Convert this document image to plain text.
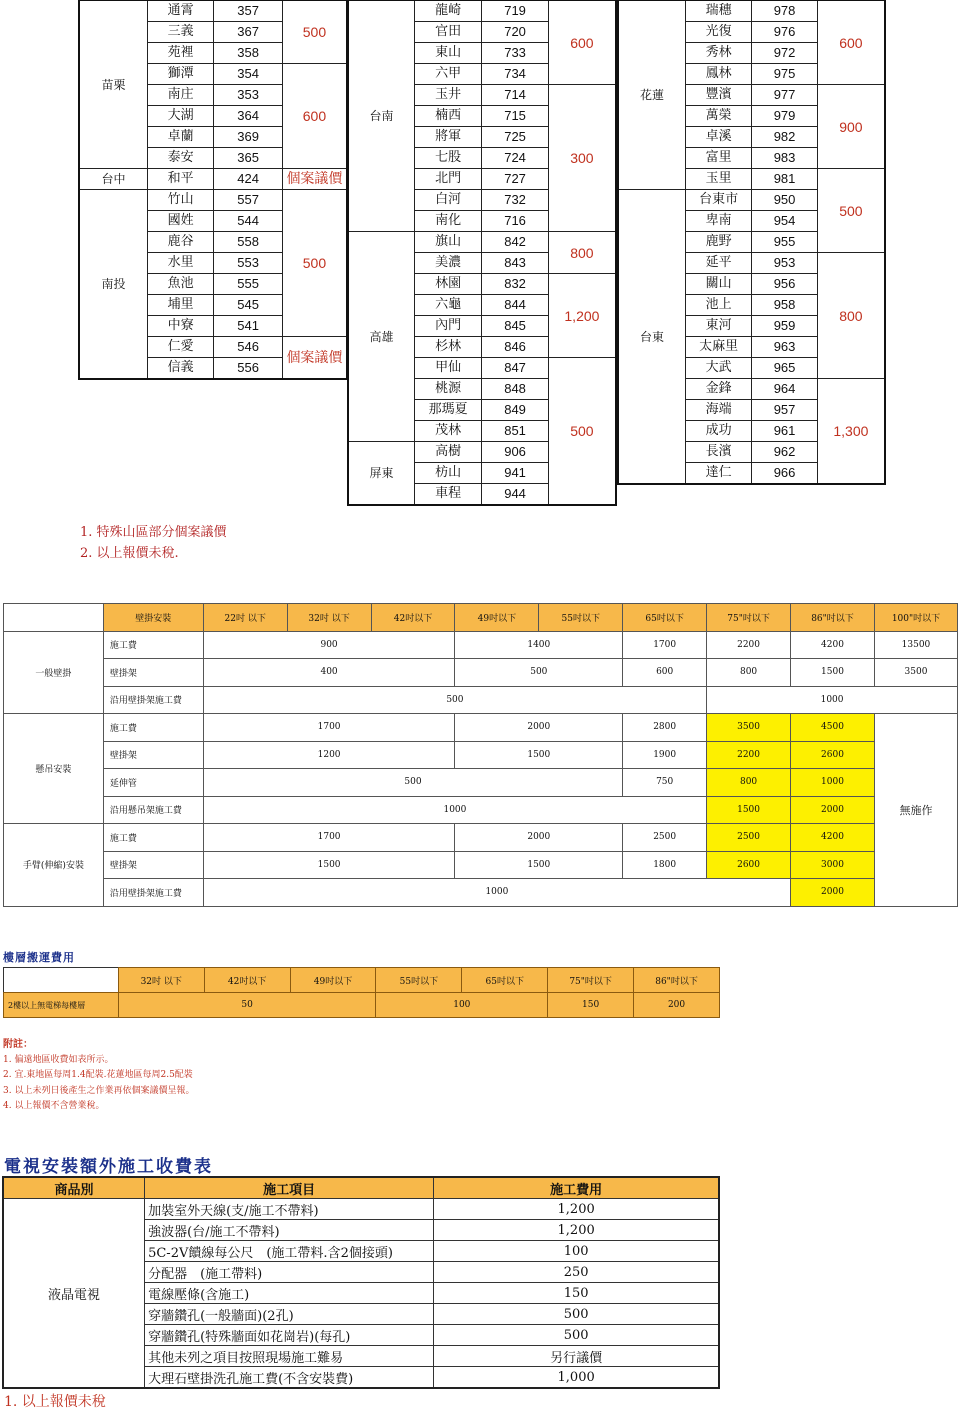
苗栗	通霄	357	500
	三義	367	
	苑裡	358	
	獅潭	354	600
	南庄	353	
	大湖	364	
	卓蘭	369	
	泰安	365	
台中	和平	424	個案議價
南投	竹山	557	500
	國姓	544	
	鹿谷	558	
	水里	553	
	魚池	555	
	埔里	545	
	中寮	541	
	仁愛	546	個案議價
	信義	556	
台南	龍崎	719	600
	官田	720	
	東山	733	
	六甲	734	
	玉井	714	300
	楠西	715	
	將軍	725	
	七股	724	
	北門	727	
	白河	732	
	南化	716	
高雄	旗山	842	800
	美濃	843	
	林園	832	1,200
	六龜	844	
	內門	845	
	杉林	846	
	甲仙	847	500
	桃源	848	
	那瑪夏	849	
	茂林	851	
屏東	高樹	906	
	枋山	941	
	車程	944	
花蓮	瑞穗	978	600
	光復	976	
	秀林	972	
	鳳林	975	
	豐濱	977	900
	萬榮	979	
	卓溪	982	
	富里	983	
	玉里	981	500
台東	台東市	950	
	卑南	954	
	鹿野	955	
	延平	953	800
	關山	956	
	池上	958	
	東河	959	
	太麻里	963	
	大武	965	
	金鋒	964	1,300
	海端	957	
	成功	961	
	長濱	962	
	達仁	966	
1. 特殊山區部分個案議價
2. 以上報價未稅.
	壁掛安裝	22吋 以下	32吋 以下	42吋以下	49吋以下	55吋以下	65吋以下	75"吋以下	86"吋以下	100"吋以下
一般壁掛	施工費	900			1400		1700	2200	4200	13500
	壁掛架	400			500		600	800	1500	3500
	沿用壁掛架施工費	500						1000		
懸吊安裝	施工費	1700			2000		2800	3500	4500	無施作
	壁掛架	1200			1500		1900	2200	2600	
	延伸管	500					750	800	1000	
	沿用懸吊架施工費	1000						1500	2000	
手臂(伸縮)安裝	施工費	1700			2000		2500	2500	4200	
	壁掛架	1500			1500		1800	2600	3000	
	沿用壁掛架施工費	1000							2000	
樓層搬運費用
	32吋 以下	42吋以下	49吋以下	55吋以下	65吋以下	75"吋以下	86"吋以下
2樓以上無電梯每樓層	50			100		150	200
附註：
1. 偏遠地區收費如表所示。
2. 宜.東地區每周1.4配裝.花蓮地區每周2.5配裝
3. 以上未列日後產生之作業再依個案議價呈報。
4. 以上報價不含營業稅。
電視安裝額外施工收費表
商品別	施工項目	施工費用
液晶電視	加裝室外天線(支/施工不帶料)	1,200
	強波器(台/施工不帶料)	1,200
	5C-2V饋線每公尺　(施工帶料.含2個接頭)	100
	分配器　(施工帶料)	250
	電線壓條(含施工)	150
	穿牆鑽孔(一般牆面)(2孔)	500
	穿牆鑽孔(特殊牆面如花崗岩)(每孔)	500
	其他未列之項目按照現場施工難易	另行議價
	大理石壁掛洗孔施工費(不含安裝費)	1,000
1. 以上報價未稅
